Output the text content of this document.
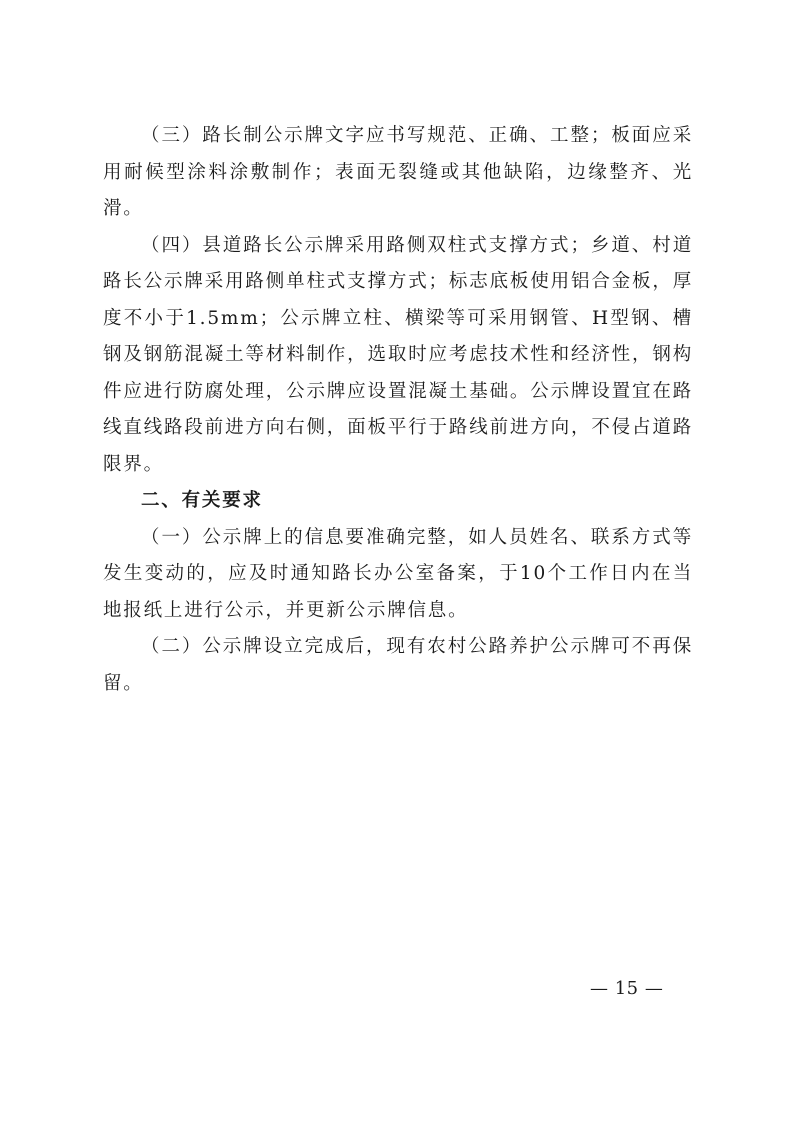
（三）路长制公示牌文字应书写规范、正确、工整；板面应采用耐候型涂料涂敷制作；表面无裂缝或其他缺陷，边缘整齐、光滑。

（四）县道路长公示牌采用路侧双柱式支撑方式；乡道、村道路长公示牌采用路侧单柱式支撑方式；标志底板使用铝合金板，厚度不小于1.5mm；公示牌立柱、横梁等可采用钢管、H型钢、槽钢及钢筋混凝土等材料制作，选取时应考虑技术性和经济性，钢构件应进行防腐处理，公示牌应设置混凝土基础。公示牌设置宜在路线直线路段前进方向右侧，面板平行于路线前进方向，不侵占道路限界。

二、有关要求

（一）公示牌上的信息要准确完整，如人员姓名、联系方式等发生变动的，应及时通知路长办公室备案，于10个工作日内在当地报纸上进行公示，并更新公示牌信息。

（二）公示牌设立完成后，现有农村公路养护公示牌可不再保留。

— 15 —
